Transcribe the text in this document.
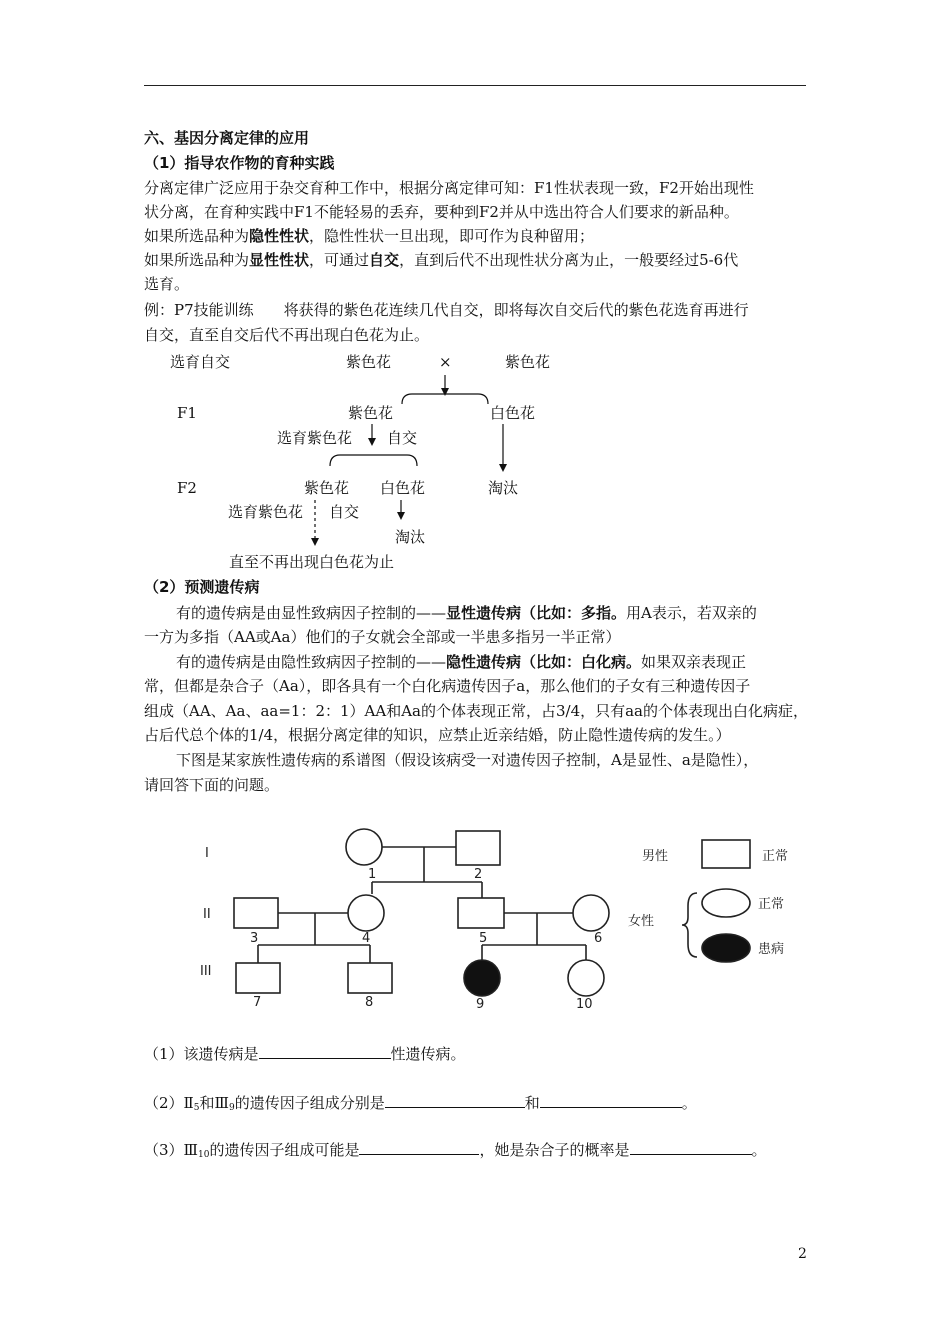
六、基因分离定律的应用
（1）指导农作物的育种实践
分离定律广泛应用于杂交育种工作中，根据分离定律可知：F1性状表现一致，F2开始出现性
状分离，在育种实践中F1不能轻易的丢弃，要种到F2并从中选出符合人们要求的新品种。
如果所选品种为隐性性状，隐性性状一旦出现，即可作为良种留用；
如果所选品种为显性性状，可通过自交，直到后代不出现性状分离为止，一般要经过5-6代
选育。
例：P7技能训练　　将获得的紫色花连续几代自交，即将每次自交后代的紫色花选育再进行
自交，直至自交后代不再出现白色花为止。
选育自交	紫色花	×	紫色花
F1	紫色花	白色花
选育紫色花 自交
F2	紫色花 白色花	淘汰
选育紫色花 自交
淘汰
直至不再出现白色花为止
（2）预测遗传病
有的遗传病是由显性致病因子控制的——显性遗传病（比如：多指。用A表示，若双亲的
一方为多指（AA或Aa）他们的子女就会全部或一半患多指另一半正常）
有的遗传病是由隐性致病因子控制的——隐性遗传病（比如：白化病。如果双亲表现正
常，但都是杂合子（Aa），即各具有一个白化病遗传因子a，那么他们的子女有三种遗传因子
组成（AA、Aa、aa=1：2：1）AA和Aa的个体表现正常，占3/4，只有aa的个体表现出白化病症，
占后代总个体的1/4，根据分离定律的知识，应禁止近亲结婚，防止隐性遗传病的发生。）
下图是某家族性遗传病的系谱图（假设该病受一对遗传因子控制，A是显性、a是隐性），
请回答下面的问题。
I
II
III
1	2
3	4	5	6
7	8	9	10
男性	正常
女性
正常
患病
（1）该遗传病是	性遗传病。
$(2)Ⅱ_5$和$Ⅲ_9$的遗传因子组成分别是	和	。
$(3)Ⅲ_{10}$的遗传因子组成可能是	，她是杂合子的概率是	。
2
